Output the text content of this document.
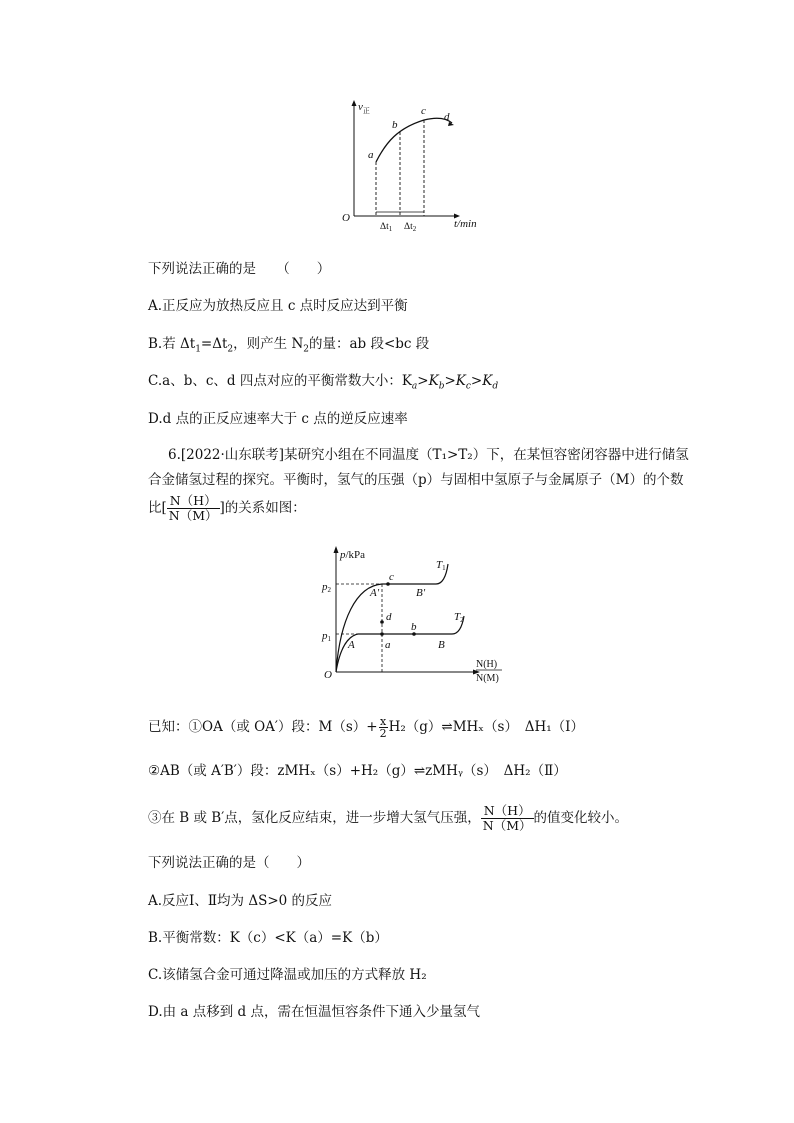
$v_正$
t/min
O
a
b
c d
$\Delta t_1$ $\Delta t_2$
下列说法正确的是　　（　　）
A.正反应为放热反应且 c 点时反应达到平衡
B.若 $\Delta t_1=\Delta t_2$，则产生 $N_2$的量：ab 段<bc 段
C.a、b、c、d 四点对应的平衡常数大小：$K_a>K_b>K_c>K_d$
D.d 点的正反应速率大于 c 点的逆反应速率
6.[2022·山东联考]某研究小组在不同温度（T₁>T₂）下，在某恒容密闭容器中进行储氢
合金储氢过程的探究。平衡时，氢气的压强（p）与固相中氢原子与金属原子（M）的个数
比[ $\frac{N(H)}{N(M)}$ ]的关系如图：
p/kPa
O
p2
p1
N(H)
N(M)
c
A′	B′
T1
d
b
a
A	B
T2
已知：①OA（或 OA′）段：$M(s)+ \frac{x}{2}$ H₂（g）⇌MHₓ（s）　ΔH₁（Ⅰ）
②AB（或 A′B′）段：zMHₓ（s）+H₂（g）⇌zMHᵧ（s）　ΔH₂（Ⅱ）
③在 B 或 B′点，氢化反应结束，进一步增大氢气压强， $\frac{N(H)}{N(M)}$ 的值变化较小。
下列说法正确的是（　　）
A.反应Ⅰ、Ⅱ均为 ΔS>0 的反应
B.平衡常数：K（c）<K（a）=K（b）
C.该储氢合金可通过降温或加压的方式释放 H₂
D.由 a 点移到 d 点，需在恒温恒容条件下通入少量氢气
